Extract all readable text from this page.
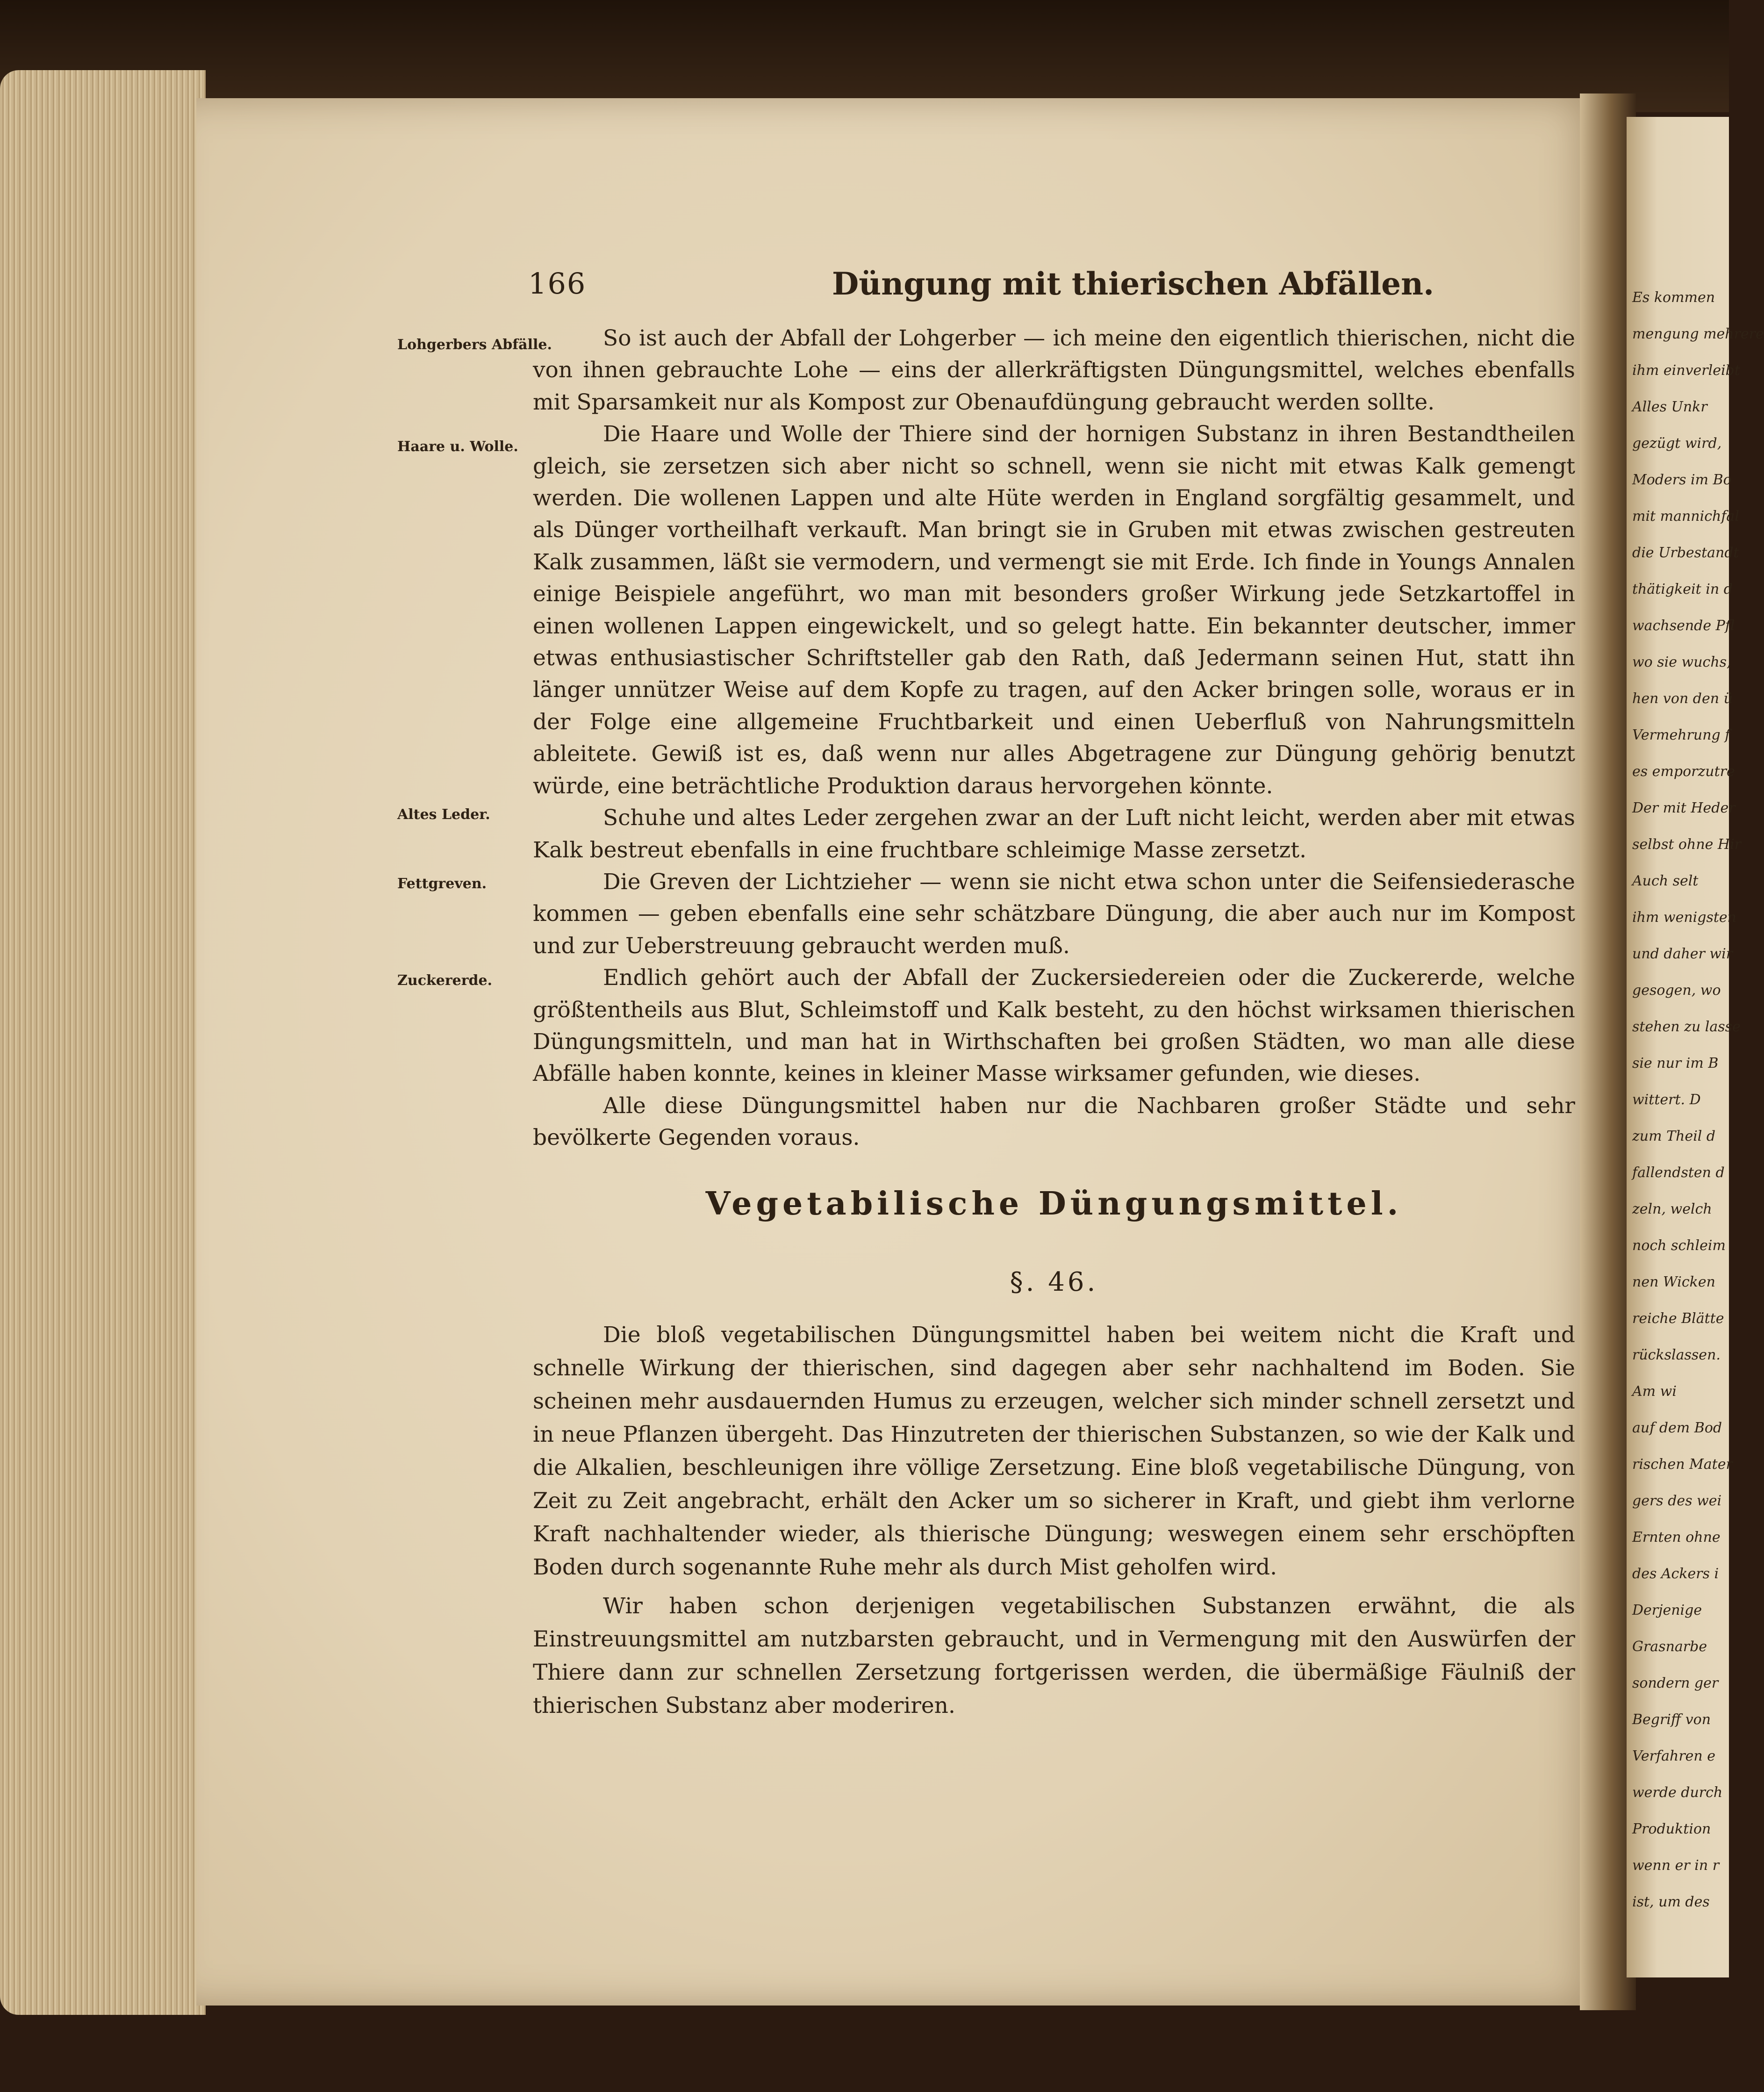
Es kommen
mengung mehrere
ihm einverleibt
Alles Unkr
gezügt wird,
Moders im Bo
mit mannichfal
die Urbestandt
thätigkeit in d
wachsende Pfl
wo sie wuchs,
hen von den ü
Vermehrung f
es emporzutre
Der mit Heder
selbst ohne Hir
Auch selt
ihm wenigsten
und daher wir
gesogen, wo
stehen zu lasse
sie nur im B
wittert. D
zum Theil d
fallendsten d
zeln, welch
noch schleim
nen Wicken
reiche Blätte
rückslassen.
Am wi
auf dem Bod
rischen Mater
gers des wei
Ernten ohne
des Ackers i
Derjenige
Grasnarbe
sondern ger
Begriff von
Verfahren e
werde durch
Produktion
wenn er in r
ist, um des
166	Düngung mit thierischen Abfällen.
Lohgerbers Abfälle.
Haare u. Wolle.
Altes Leder.
Fettgreven.
Zuckererde.

So ist auch der Abfall der Lohgerber — ich meine den eigentlich thierischen, nicht die von ihnen gebrauchte Lohe — eins der allerkräftigsten Düngungsmittel, welches ebenfalls mit Sparsamkeit nur als Kompost zur Obenaufdüngung gebraucht werden sollte.

Die Haare und Wolle der Thiere sind der hornigen Substanz in ihren Bestandtheilen gleich, sie zersetzen sich aber nicht so schnell, wenn sie nicht mit etwas Kalk gemengt werden. Die wollenen Lappen und alte Hüte werden in England sorgfältig gesammelt, und als Dünger vortheilhaft verkauft. Man bringt sie in Gruben mit etwas zwischen gestreuten Kalk zusammen, läßt sie vermodern, und vermengt sie mit Erde. Ich finde in Youngs Annalen einige Beispiele angeführt, wo man mit besonders großer Wirkung jede Setzkartoffel in einen wollenen Lappen eingewickelt, und so gelegt hatte. Ein bekannter deutscher, immer etwas enthusiastischer Schriftsteller gab den Rath, daß Jedermann seinen Hut, statt ihn länger unnützer Weise auf dem Kopfe zu tragen, auf den Acker bringen solle, woraus er in der Folge eine allgemeine Fruchtbarkeit und einen Ueberfluß von Nahrungsmitteln ableitete. Gewiß ist es, daß wenn nur alles Abgetragene zur Düngung gehörig benutzt würde, eine beträchtliche Produktion daraus hervorgehen könnte.

Schuhe und altes Leder zergehen zwar an der Luft nicht leicht, werden aber mit etwas Kalk bestreut ebenfalls in eine fruchtbare schleimige Masse zersetzt.

Die Greven der Lichtzieher — wenn sie nicht etwa schon unter die Seifensiederasche kommen — geben ebenfalls eine sehr schätzbare Düngung, die aber auch nur im Kompost und zur Ueberstreuung gebraucht werden muß.

Endlich gehört auch der Abfall der Zuckersiedereien oder die Zuckererde, welche größtentheils aus Blut, Schleimstoff und Kalk besteht, zu den höchst wirksamen thierischen Düngungsmitteln, und man hat in Wirthschaften bei großen Städten, wo man alle diese Abfälle haben konnte, keines in kleiner Masse wirksamer gefunden, wie dieses.

Alle diese Düngungsmittel haben nur die Nachbaren großer Städte und sehr bevölkerte Gegenden voraus.

Vegetabilische Düngungsmittel.
§. 46.

Die bloß vegetabilischen Düngungsmittel haben bei weitem nicht die Kraft und schnelle Wirkung der thierischen, sind dagegen aber sehr nachhaltend im Boden. Sie scheinen mehr ausdauernden Humus zu erzeugen, welcher sich minder schnell zersetzt und in neue Pflanzen übergeht. Das Hinzutreten der thierischen Substanzen, so wie der Kalk und die Alkalien, beschleunigen ihre völlige Zersetzung. Eine bloß vegetabilische Düngung, von Zeit zu Zeit angebracht, erhält den Acker um so sicherer in Kraft, und giebt ihm verlorne Kraft nachhaltender wieder, als thierische Düngung; weswegen einem sehr erschöpften Boden durch sogenannte Ruhe mehr als durch Mist geholfen wird.

Wir haben schon derjenigen vegetabilischen Substanzen erwähnt, die als Einstreuungsmittel am nutzbarsten gebraucht, und in Vermengung mit den Auswürfen der Thiere dann zur schnellen Zersetzung fortgerissen werden, die übermäßige Fäulniß der thierischen Substanz aber moderiren.
